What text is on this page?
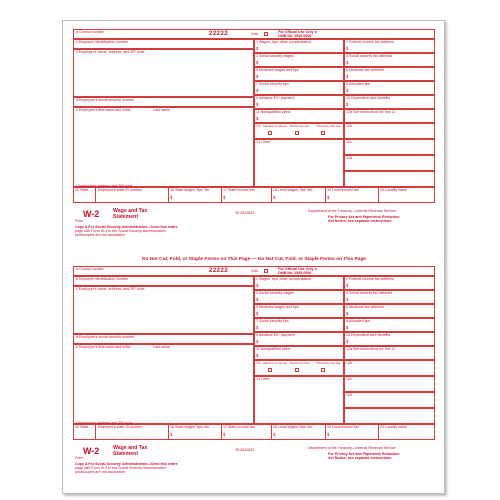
a Control number	22222	Void	For Official Use Only ►
OMB No. 1545-0008
b Employer identification number
c Employer's name, address, and ZIP code
d Employee's social security number
e Employee's first name and initial	Last name
f Employee's address and ZIP code
1 Wages, tips, other compensation
$
2 Federal income tax withheld
$
3 Social security wages
$
4 Social security tax withheld
$
5 Medicare wages and tips
$
6 Medicare tax withheld
$
7 Social security tips
$
8 Allocated tips
$
9 Advance EIC payment
$
10 Dependent care benefits
$
11 Nonqualified plans
$
12a See instructions for box 12
13 Statutory employee Retirement plan Third-party sick pay 12b
14 Other	12c
12d
15 State	Employer's state ID number	16 State wages, tips, etc.
$
17 State income tax
$
18 Local wages, tips, etc.
$
19 Local income tax
$
20 Locality name
Form
W-2	Wage and Tax
Statement
39-2610822	Department of the Treasury—Internal Revenue Service
For Privacy Act and Paperwork Reduction
Act Notice, see separate instructions.
Copy A For Social Security Administration—Send this entire
page with Form W-3 to the Social Security Administration;
photocopies are not acceptable.
Do Not Cut, Fold, or Staple Forms on This Page — Do Not Cut, Fold, or Staple Forms on This Page
a Control number	22222	Void	For Official Use Only ►
OMB No. 1545-0008
b Employer identification number
c Employer's name, address, and ZIP code
d Employee's social security number
e Employee's first name and initial	Last name
f Employee's address and ZIP code
1 Wages, tips, other compensation
$
2 Federal income tax withheld
$
3 Social security wages
$
4 Social security tax withheld
$
5 Medicare wages and tips
$
6 Medicare tax withheld
$
7 Social security tips
$
8 Allocated tips
$
9 Advance EIC payment
$
10 Dependent care benefits
$
11 Nonqualified plans
$
12a See instructions for box 12
13 Statutory employee Retirement plan Third-party sick pay 12b
14 Other	12c
12d
15 State	Employer's state ID number	16 State wages, tips, etc.
$
17 State income tax
$
18 Local wages, tips, etc.
$
19 Local income tax
$
20 Locality name
Form
W-2	Wage and Tax
Statement
39-2610822	Department of the Treasury—Internal Revenue Service
For Privacy Act and Paperwork Reduction
Act Notice, see separate instructions.
Copy A For Social Security Administration—Send this entire
page with Form W-3 to the Social Security Administration;
photocopies are not acceptable.
